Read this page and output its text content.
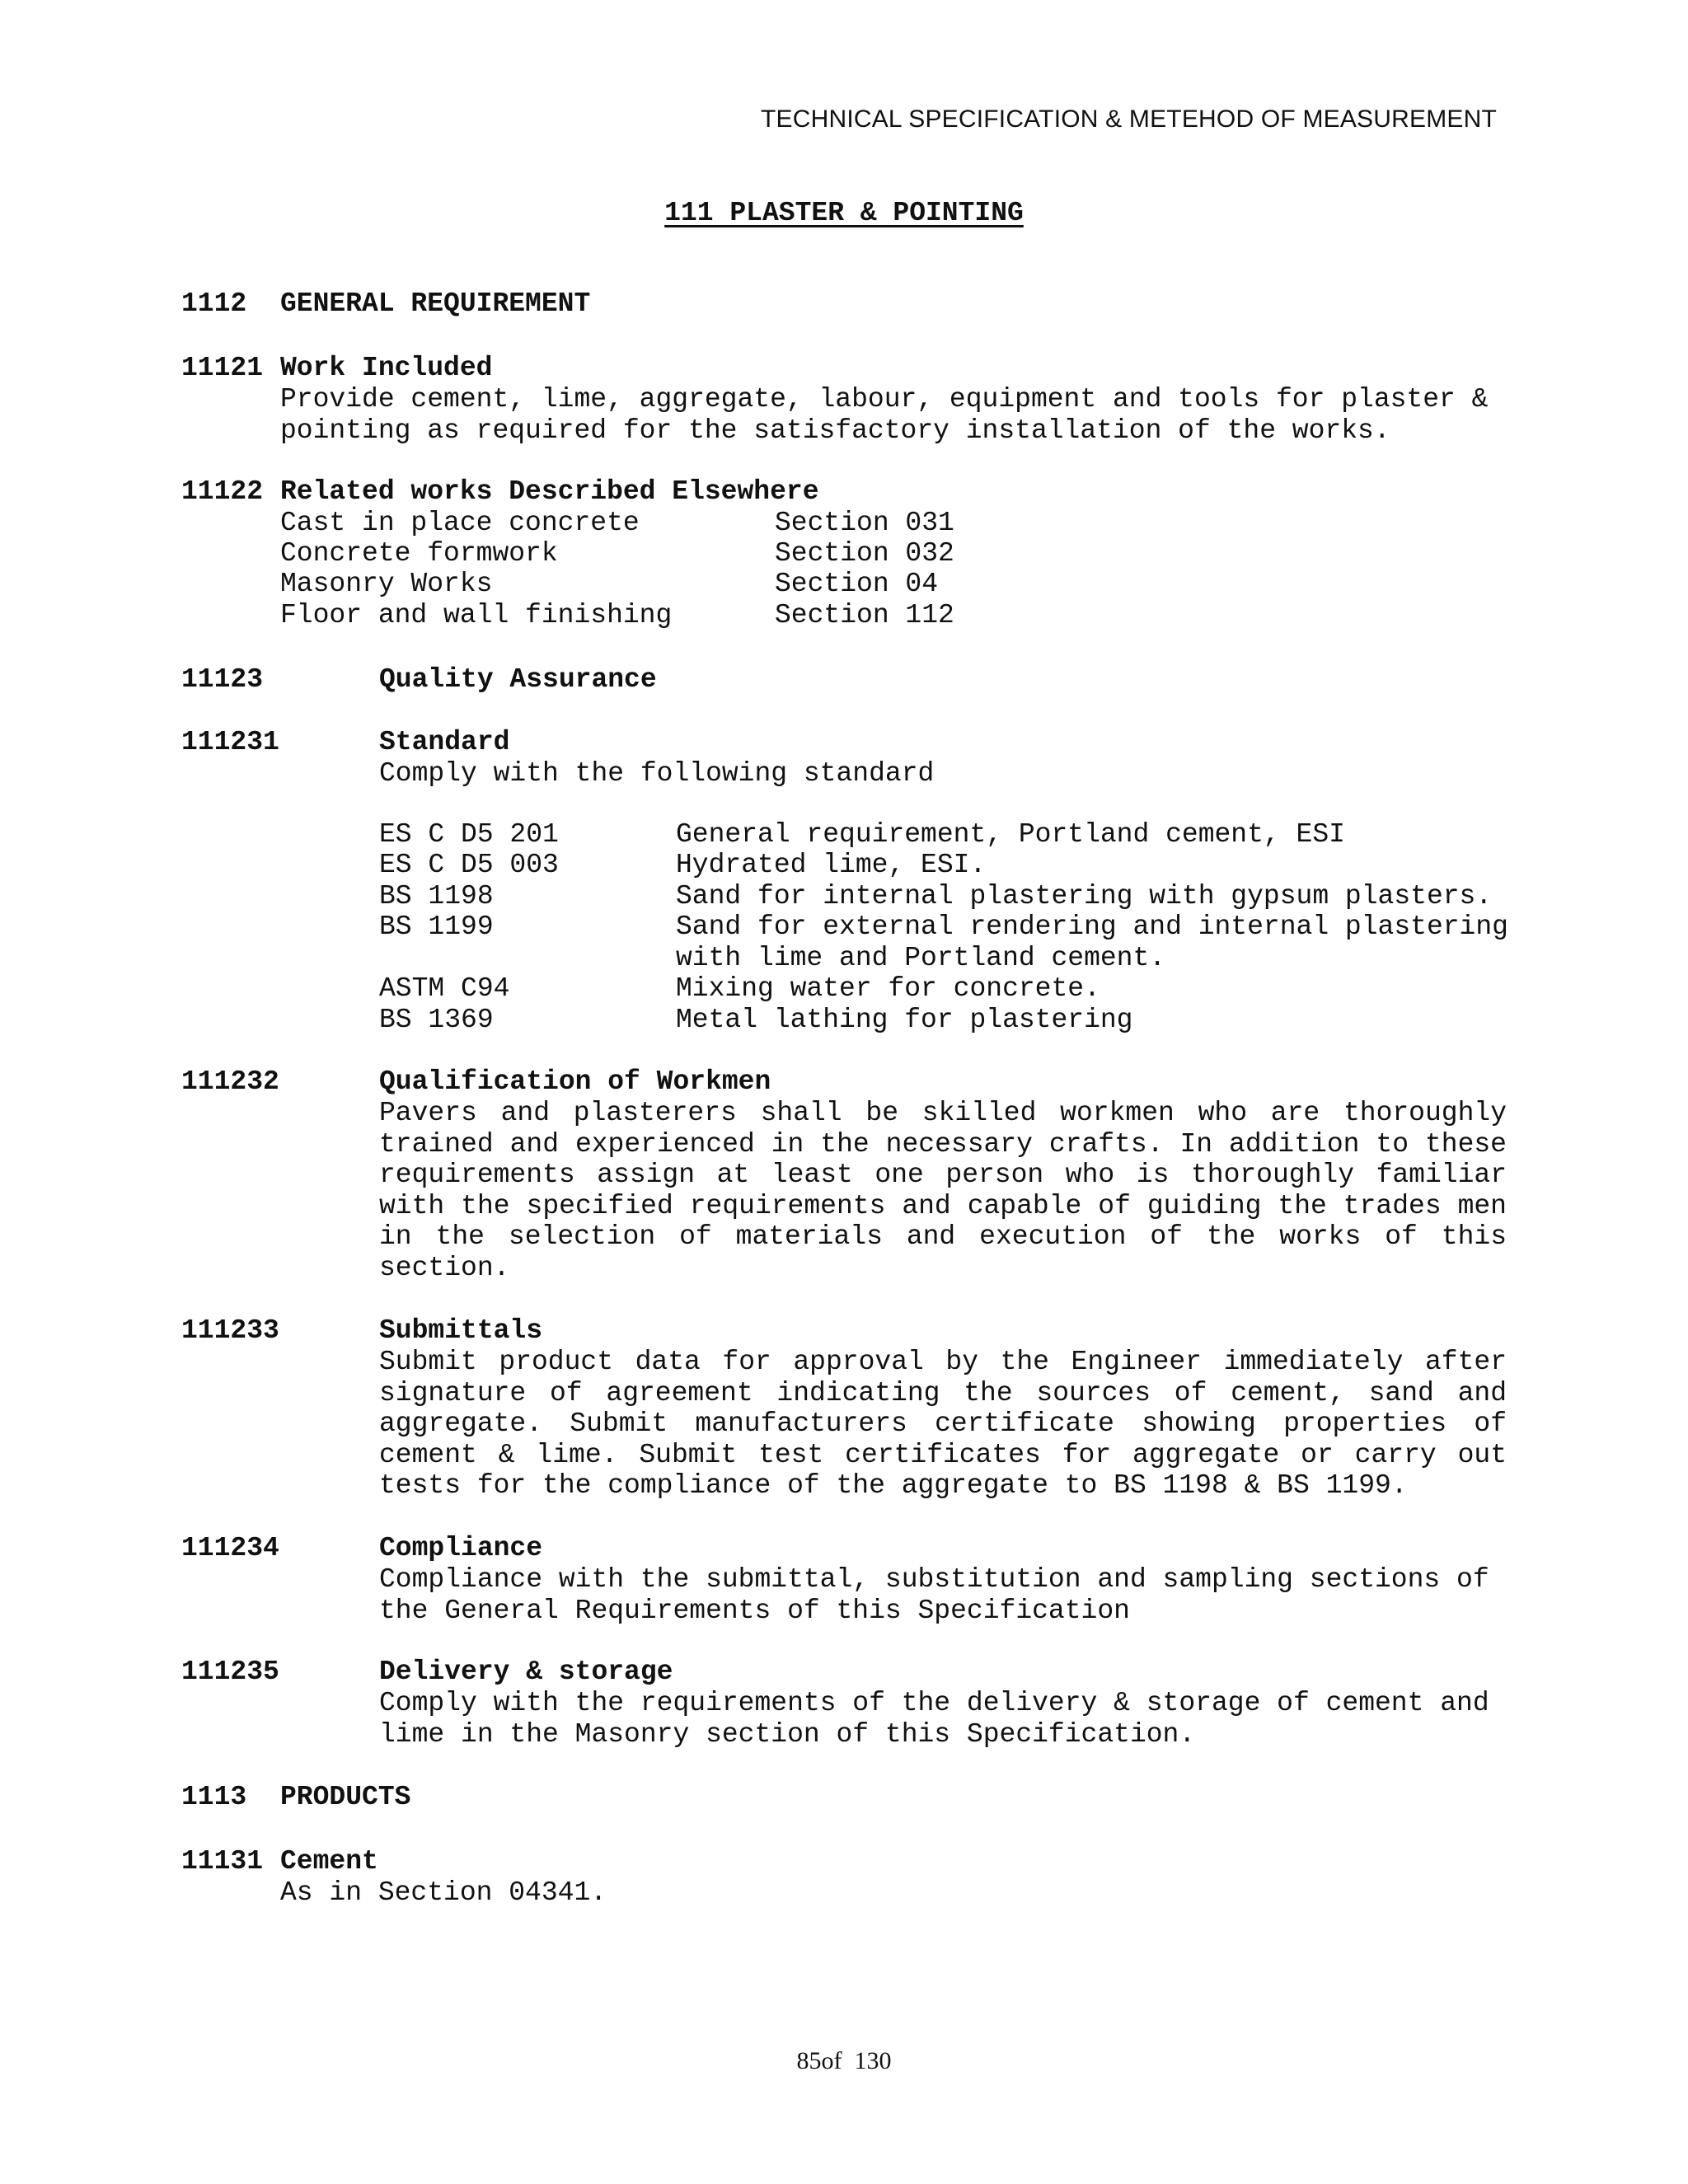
TECHNICAL SPECIFICATION & METEHOD OF MEASUREMENT
111 PLASTER & POINTING
1112 GENERAL REQUIREMENT
11121 Work Included
Provide cement, lime, aggregate, labour, equipment and tools for plaster &
pointing as required for the satisfactory installation of the works.
11122 Related works Described Elsewhere
Cast in place concrete	Section 031
Concrete formwork	Section 032
Masonry Works	Section 04
Floor and wall finishing	Section 112
11123	Quality Assurance
111231	Standard
Comply with the following standard
ES C D5 201	General requirement, Portland cement, ESI
ES C D5 003	Hydrated lime, ESI.
BS 1198	Sand for internal plastering with gypsum plasters.
BS 1199	Sand for external rendering and internal plastering
with lime and Portland cement.
ASTM C94	Mixing water for concrete.
BS 1369	Metal lathing for plastering
111232	Qualification of Workmen
Pavers and plasterers shall be skilled workmen who are thoroughly trained and experienced in the necessary crafts. In addition to these requirements assign at least one person who is thoroughly familiar with the specified requirements and capable of guiding the trades men in the selection of materials and execution of the works of this section.
111233	Submittals
Submit product data for approval by the Engineer immediately after signature of agreement indicating the sources of cement, sand and aggregate. Submit manufacturers certificate showing properties of cement & lime. Submit test certificates for aggregate or carry out tests for the compliance of the aggregate to BS 1198 & BS 1199.
111234	Compliance
Compliance with the submittal, substitution and sampling sections of
the General Requirements of this Specification
111235	Delivery & storage
Comply with the requirements of the delivery & storage of cement and
lime in the Masonry section of this Specification.
1113 PRODUCTS
11131 Cement
As in Section 04341.
85of 130
